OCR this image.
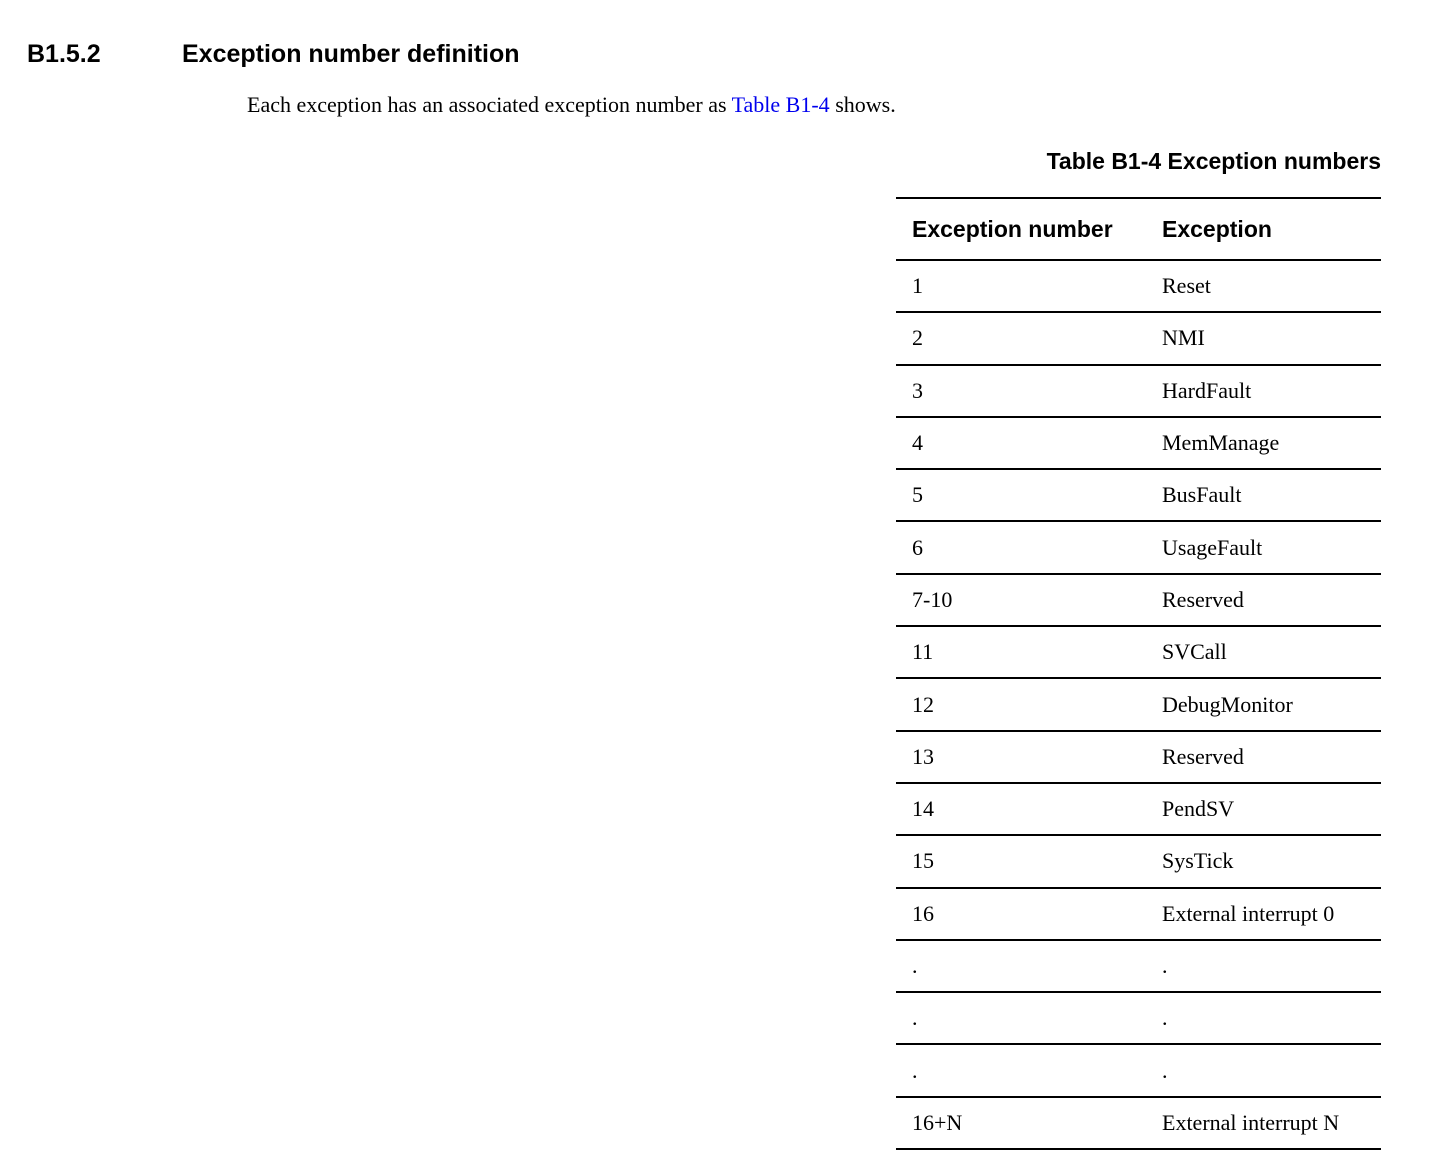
B1.5.2	Exception number definition

Each exception has an associated exception number as Table B1-4 shows.

Table B1-4 Exception numbers
Exception number	Exception
1	Reset
2	NMI
3	HardFault
4	MemManage
5	BusFault
6	UsageFault
7-10	Reserved
11	SVCall
12	DebugMonitor
13	Reserved
14	PendSV
15	SysTick
16	External interrupt 0
.	.
.	.
.	.
16+N	External interrupt N
